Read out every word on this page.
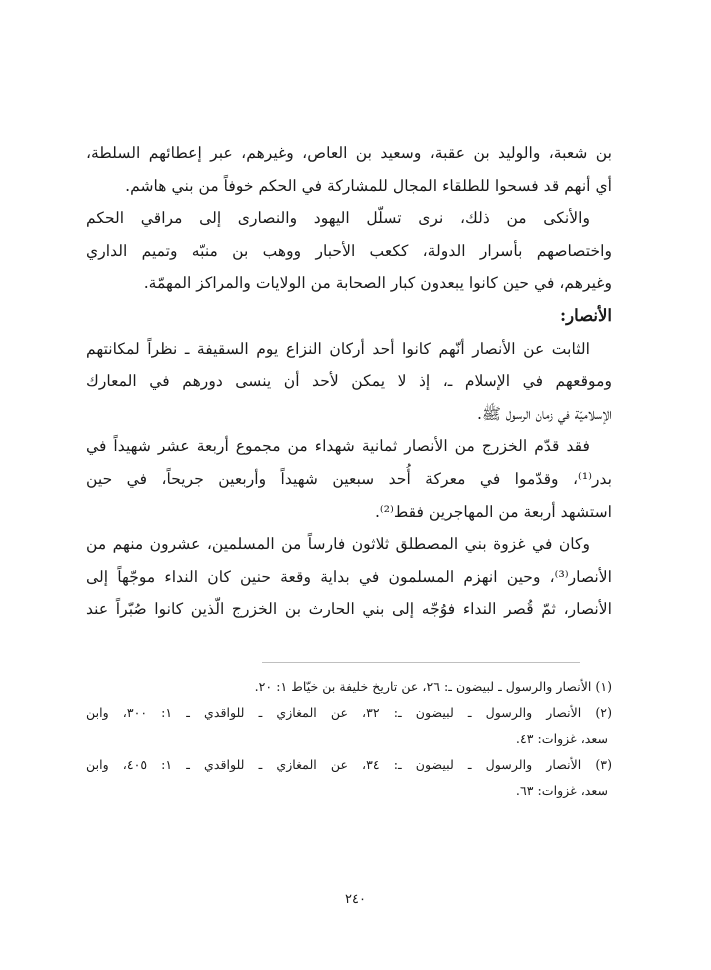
بن شعبة، والوليد بن عقبة، وسعيد بن العاص، وغيرهم، عبر إعطائهم السلطة،
أي أنهم قد فسحوا للطلقاء المجال للمشاركة في الحكم خوفاً من بني هاشم.
والأنكى من ذلك، نرى تسلّل اليهود والنصارى إلى مراقي الحكم
واختصاصهم بأسرار الدولة، ككعب الأحبار ووهب بن منبّه وتميم الداري
وغيرهم، في حين كانوا يبعدون كبار الصحابة من الولايات والمراكز المهمّة.
الأنصار:
الثابت عن الأنصار أنّهم كانوا أحد أركان النزاع يوم السقيفة ـ نظراً لمكانتهم
وموقعهم في الإسلام ـ، إذ لا يمكن لأحد أن ينسى دورهم في المعارك
الإسلاميّة في زمان الرسول ﷺ.
فقد قدّم الخزرج من الأنصار ثمانية شهداء من مجموع أربعة عشر شهيداً في
بدر⁽¹⁾، وقدّموا في معركة أُحد سبعين شهيداً وأربعين جريحاً، في حين
استشهد أربعة من المهاجرين فقط⁽²⁾.
وكان في غزوة بني المصطلق ثلاثون فارساً من المسلمين، عشرون منهم من
الأنصار⁽³⁾، وحين انهزم المسلمون في بداية وقعة حنين كان النداء موجّهاً إلى
الأنصار، ثمّ قُصر النداء فوُجّه إلى بني الحارث بن الخزرج الّذين كانوا صُبّراً عند
(١) الأنصار والرسول ـ لبيضون ـ: ٢٦، عن تاريخ خليفة بن خيّاط ١: ٢٠.
(٢) الأنصار والرسول ـ لبيضون ـ: ٣٢، عن المغازي ـ للواقدي ـ ١: ٣٠٠، وابن
سعد، غزوات: ٤٣.
(٣) الأنصار والرسول ـ لبيضون ـ: ٣٤، عن المغازي ـ للواقدي ـ ١: ٤٠٥، وابن
سعد، غزوات: ٦٣.
٢٤٠
